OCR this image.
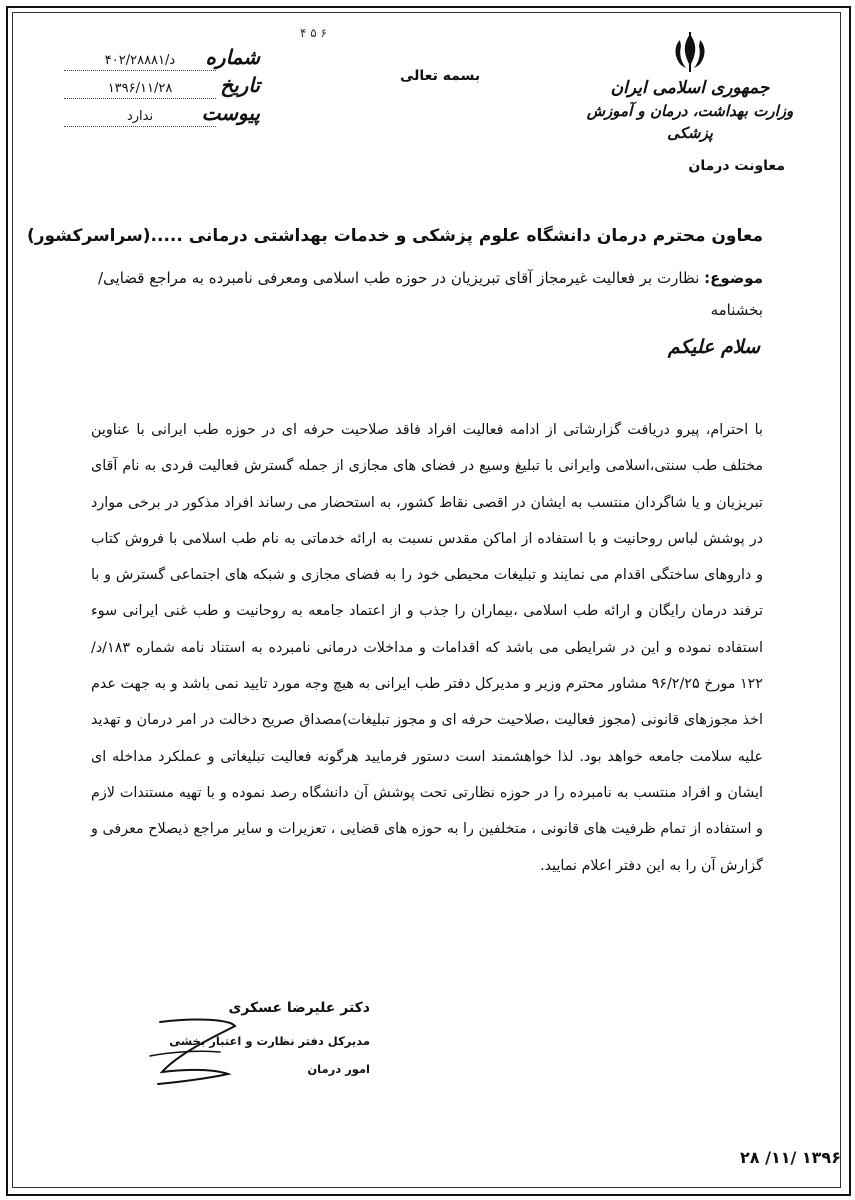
جمهوری اسلامی ایران
وزارت بهداشت، درمان و آموزش پزشکی
معاونت درمان
۴ ۵ ۶
بسمه تعالی
شماره
۴۰۲/د/۲۸۸۸۱
تاریخ
۱۳۹۶/۱۱/۲۸
پیوست
ندارد
معاون محترم درمان دانشگاه علوم پزشکی و خدمات بهداشتی درمانی .....(سراسرکشور)
موضوع: نظارت بر فعالیت غیرمجاز آقای تبریزیان در حوزه طب اسلامی ومعرفی نامبرده به مراجع قضایی/بخشنامه
سلام علیکم
با احترام، پیرو دریافت گزارشاتی از ادامه فعالیت افراد فاقد صلاحیت حرفه ای در حوزه طب ایرانی با عناوین مختلف طب سنتی،اسلامی وایرانی با تبلیغ وسیع در فضای های مجازی از جمله گسترش فعالیت فردی به نام آقای تبریزیان و یا شاگردان منتسب به ایشان در اقصی نقاط کشور، به استحضار می رساند افراد مذکور در برخی موارد در پوشش لباس روحانیت و با استفاده از اماکن مقدس نسبت به ارائه خدماتی به نام طب اسلامی با فروش کتاب و داروهای ساختگی اقدام می نمایند و تبلیغات محیطی خود را به فضای مجازی و شبکه های اجتماعی گسترش و با ترفند درمان رایگان و ارائه طب اسلامی ،بیماران را جذب و از اعتماد جامعه به روحانیت و طب غنی ایرانی سوء استفاده نموده و این در شرایطی می باشد که اقدامات و مداخلات درمانی نامبرده به استناد نامه شماره ۱۸۳/د/۱۲۲ مورخ ۹۶/۲/۲۵ مشاور محترم وزیر و مدیرکل دفتر طب ایرانی به هیچ وجه مورد تایید نمی باشد و به جهت عدم اخذ مجوزهای قانونی (مجوز فعالیت ،صلاحیت حرفه ای و مجوز تبلیغات)مصداق صریح دخالت در امر درمان و تهدید علیه سلامت جامعه خواهد بود. لذا خواهشمند است دستور فرمایید هرگونه فعالیت تبلیغاتی و عملکرد مداخله ای ایشان و افراد منتسب به نامبرده را در حوزه نظارتی تحت پوشش آن دانشگاه رصد نموده و با تهیه مستندات لازم و استفاده از تمام ظرفیت های قانونی ، متخلفین را به حوزه های قضایی ، تعزیرات و سایر مراجع ذیصلاح معرفی و گزارش آن را به این دفتر اعلام نمایید.
دکتر علیرضا عسکری
مدیرکل دفتر نظارت و اعتبار بخشی
امور درمان
۲۸ /۱۱/ ۱۳۹۶
